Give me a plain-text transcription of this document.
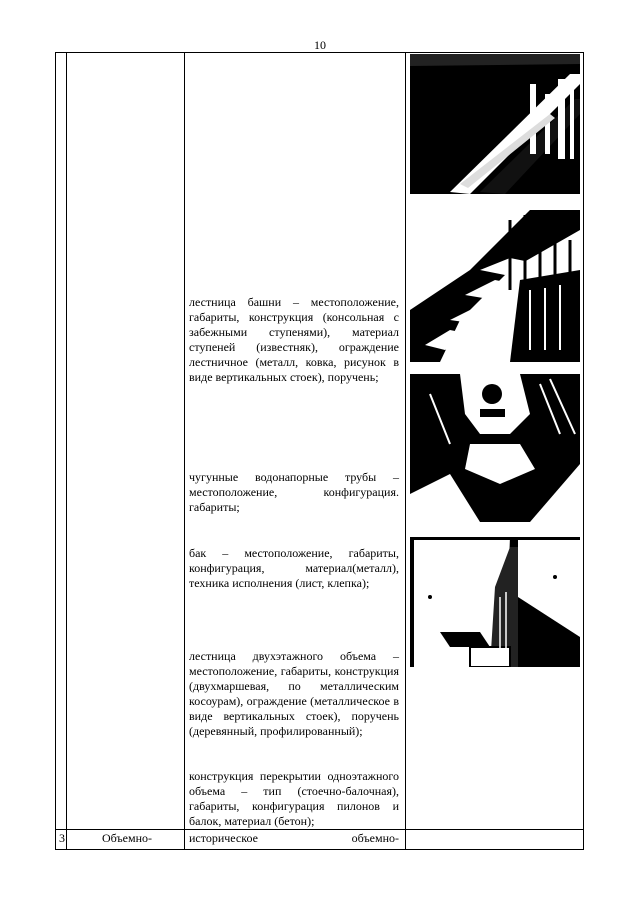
10
лестница башни – местоположение, габариты, конструкция (консольная с забежными ступенями), материал ступеней (известняк), ограждение лестничное (металл, ковка, рисунок в виде вертикальных стоек), поручень;
чугунные водонапорные трубы – местоположение, конфигурация. габариты;
бак – местоположение, габариты, конфигурация, материал(металл), техника исполнения (лист, клепка);
лестница двухэтажного объема – местоположение, габариты, конструкция (двухмаршевая, по металлическим косоурам), ограждение (металлическое в виде вертикальных стоек), поручень (деревянный, профилированный);
конструкция перекрытии одноэтажного объема – тип (стоечно-балочная), габариты, конфигурация пилонов и балок, материал (бетон);
3	Объемно-	историческое	объемно-
